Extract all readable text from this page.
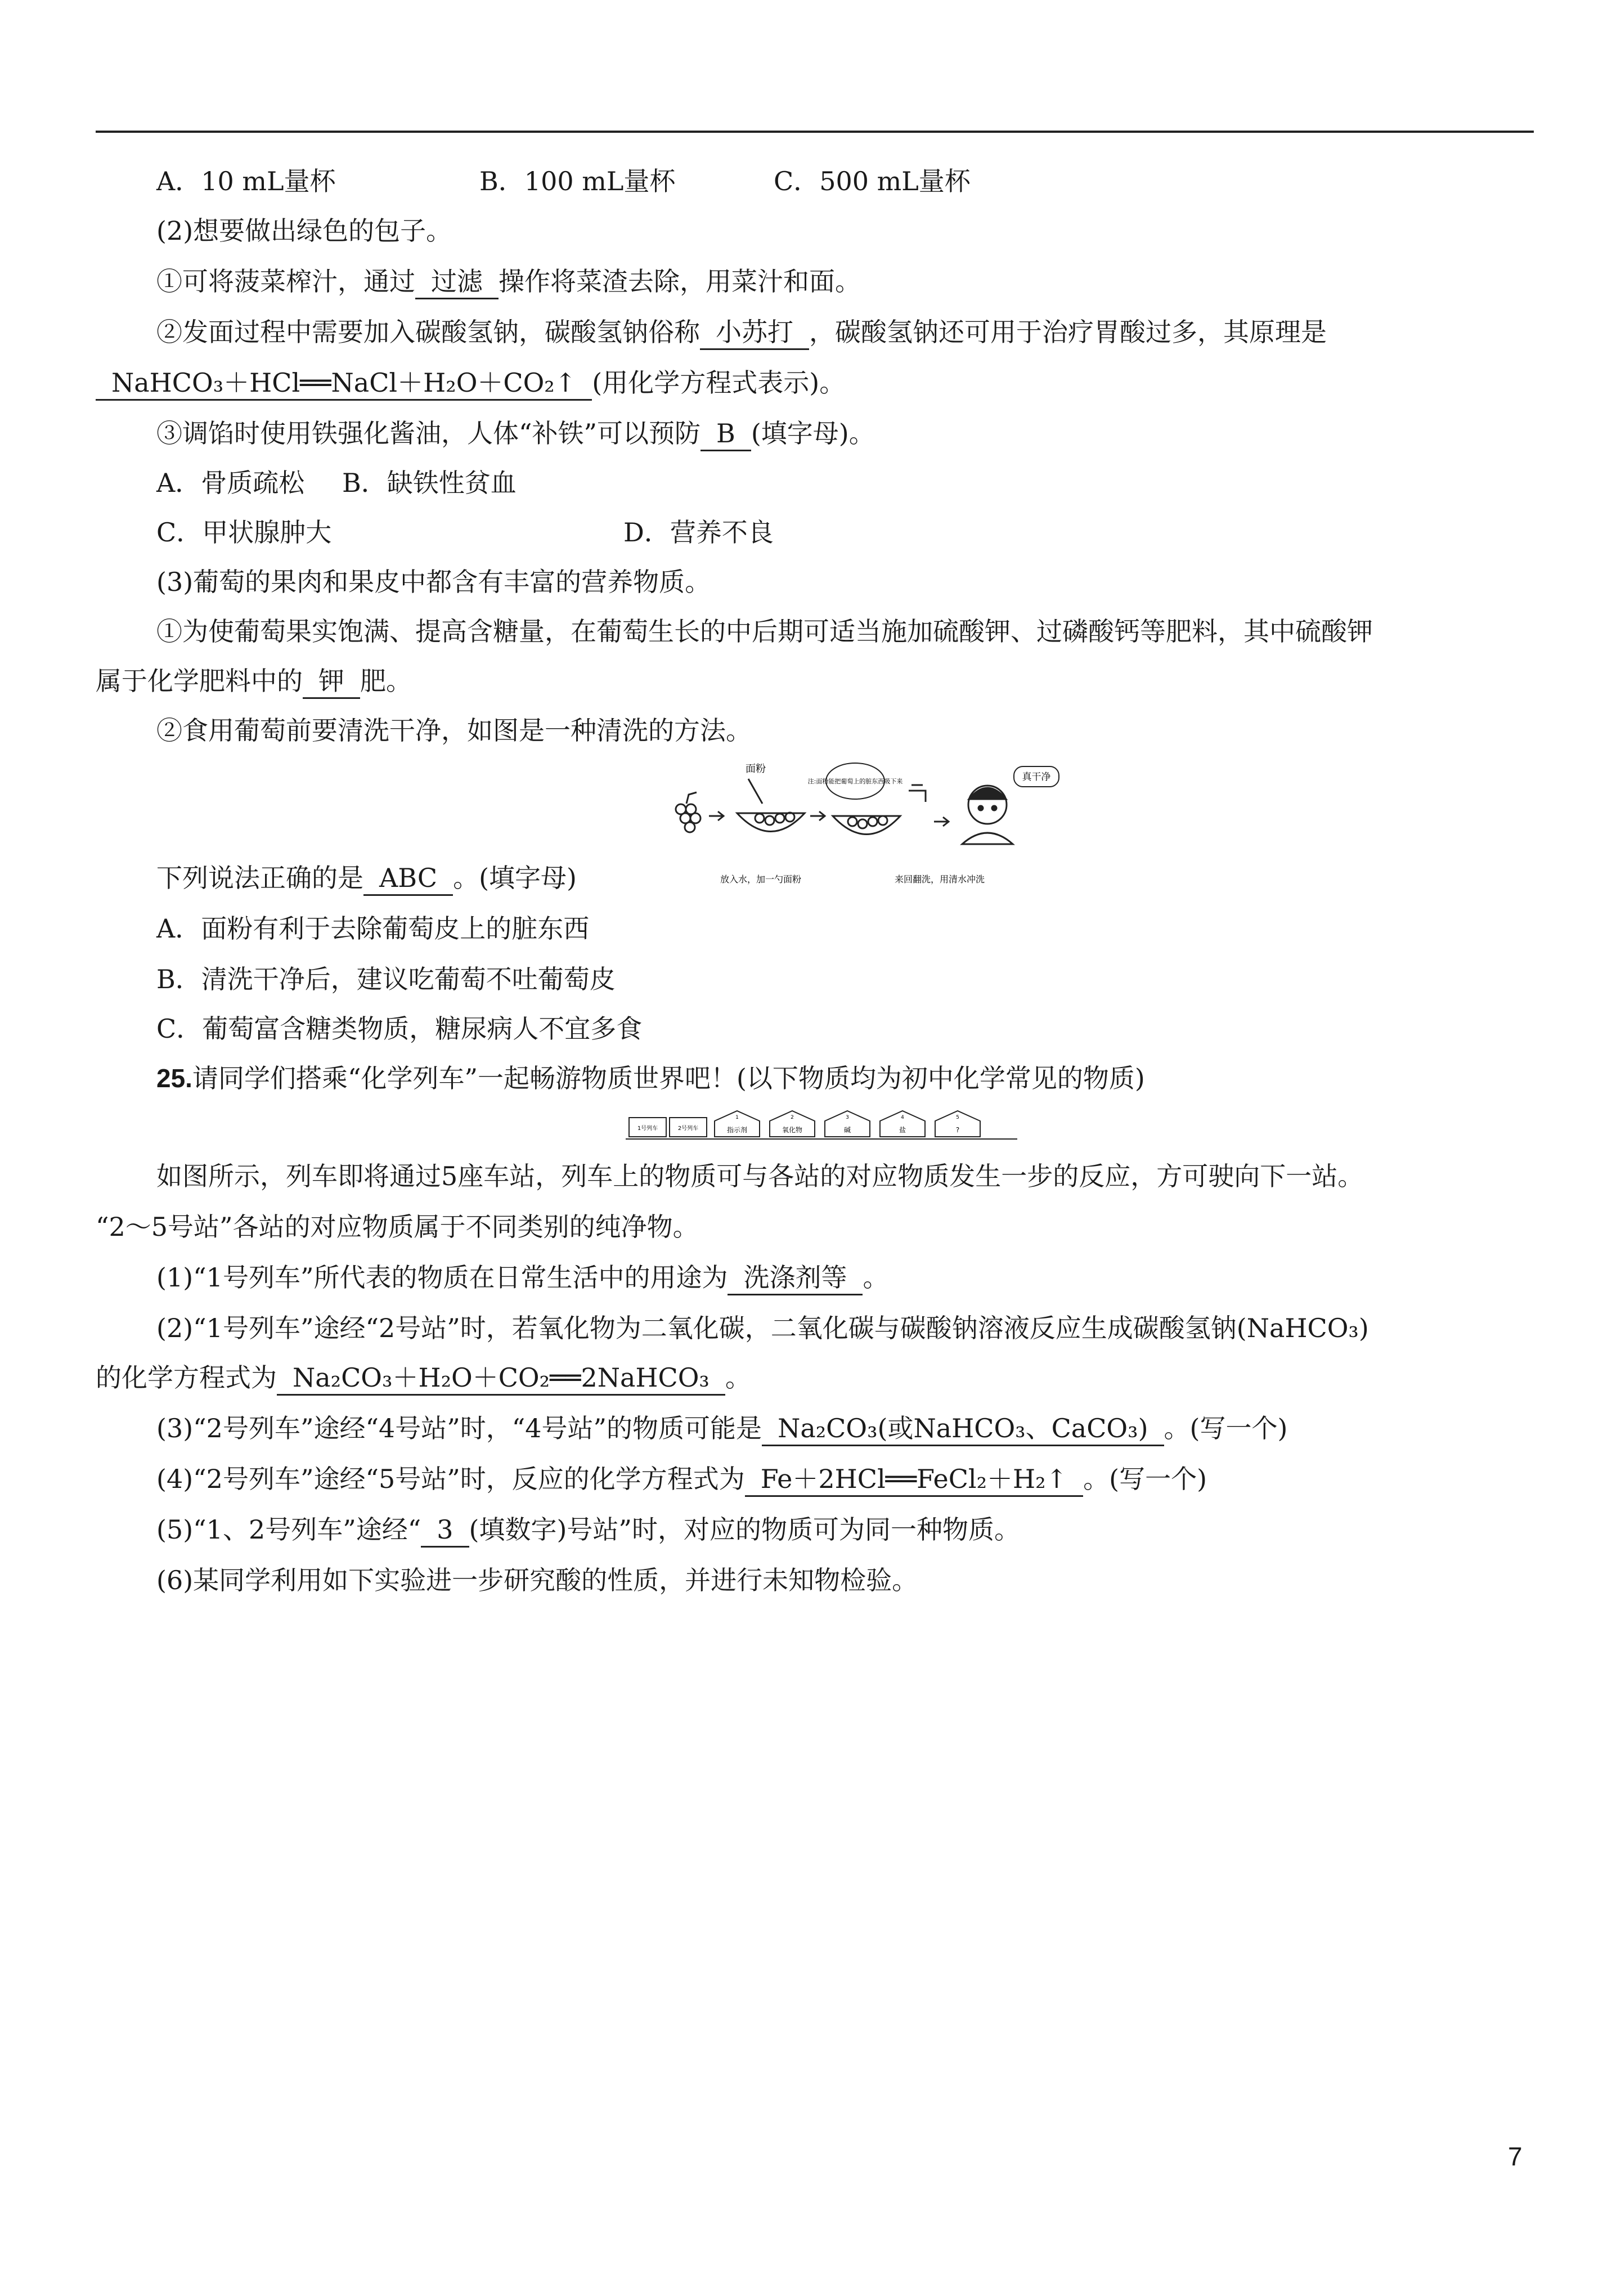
A．10 mL量杯	B．100 mL量杯	C．500 mL量杯
(2)想要做出绿色的包子。
①可将菠菜榨汁，通过 过滤 操作将菜渣去除，用菜汁和面。
②发面过程中需要加入碳酸氢钠，碳酸氢钠俗称 小苏打 ，碳酸氢钠还可用于治疗胃酸过多，其原理是
NaHCO₃＋HCl══NaCl＋H₂O＋CO₂↑ (用化学方程式表示)。
③调馅时使用铁强化酱油，人体“补铁”可以预防 B (填字母)。
A．骨质疏松 B．缺铁性贫血
C．甲状腺肿大	D．营养不良
(3)葡萄的果肉和果皮中都含有丰富的营养物质。
①为使葡萄果实饱满、提高含糖量，在葡萄生长的中后期可适当施加硫酸钾、过磷酸钙等肥料，其中硫酸钾
属于化学肥料中的 钾 肥。
②食用葡萄前要清洗干净，如图是一种清洗的方法。
面粉
注:面粉能把葡萄上的脏东西吸下来	真干净
放入水，加一勺面粉	来回翻洗，用清水冲洗
下列说法正确的是 ABC 。(填字母)
A．面粉有利于去除葡萄皮上的脏东西
B．清洗干净后，建议吃葡萄不吐葡萄皮
C．葡萄富含糖类物质，糖尿病人不宜多食
25.请同学们搭乘“化学列车”一起畅游物质世界吧！(以下物质均为初中化学常见的物质)
1号列车	2号列车
1
指示剂
2
氧化物
3
碱
4
盐
5
?
如图所示，列车即将通过5座车站，列车上的物质可与各站的对应物质发生一步的反应，方可驶向下一站。
“2～5号站”各站的对应物质属于不同类别的纯净物。
(1)“1号列车”所代表的物质在日常生活中的用途为 洗涤剂等 。
(2)“1号列车”途经“2号站”时，若氧化物为二氧化碳，二氧化碳与碳酸钠溶液反应生成碳酸氢钠(NaHCO₃)
的化学方程式为 Na₂CO₃＋H₂O＋CO₂══2NaHCO₃ 。
(3)“2号列车”途经“4号站”时，“4号站”的物质可能是 Na₂CO₃(或NaHCO₃、CaCO₃) 。(写一个)
(4)“2号列车”途经“5号站”时，反应的化学方程式为 Fe＋2HCl══FeCl₂＋H₂↑ 。(写一个)
(5)“1、2号列车”途经“ 3 (填数字)号站”时，对应的物质可为同一种物质。
(6)某同学利用如下实验进一步研究酸的性质，并进行未知物检验。
7
